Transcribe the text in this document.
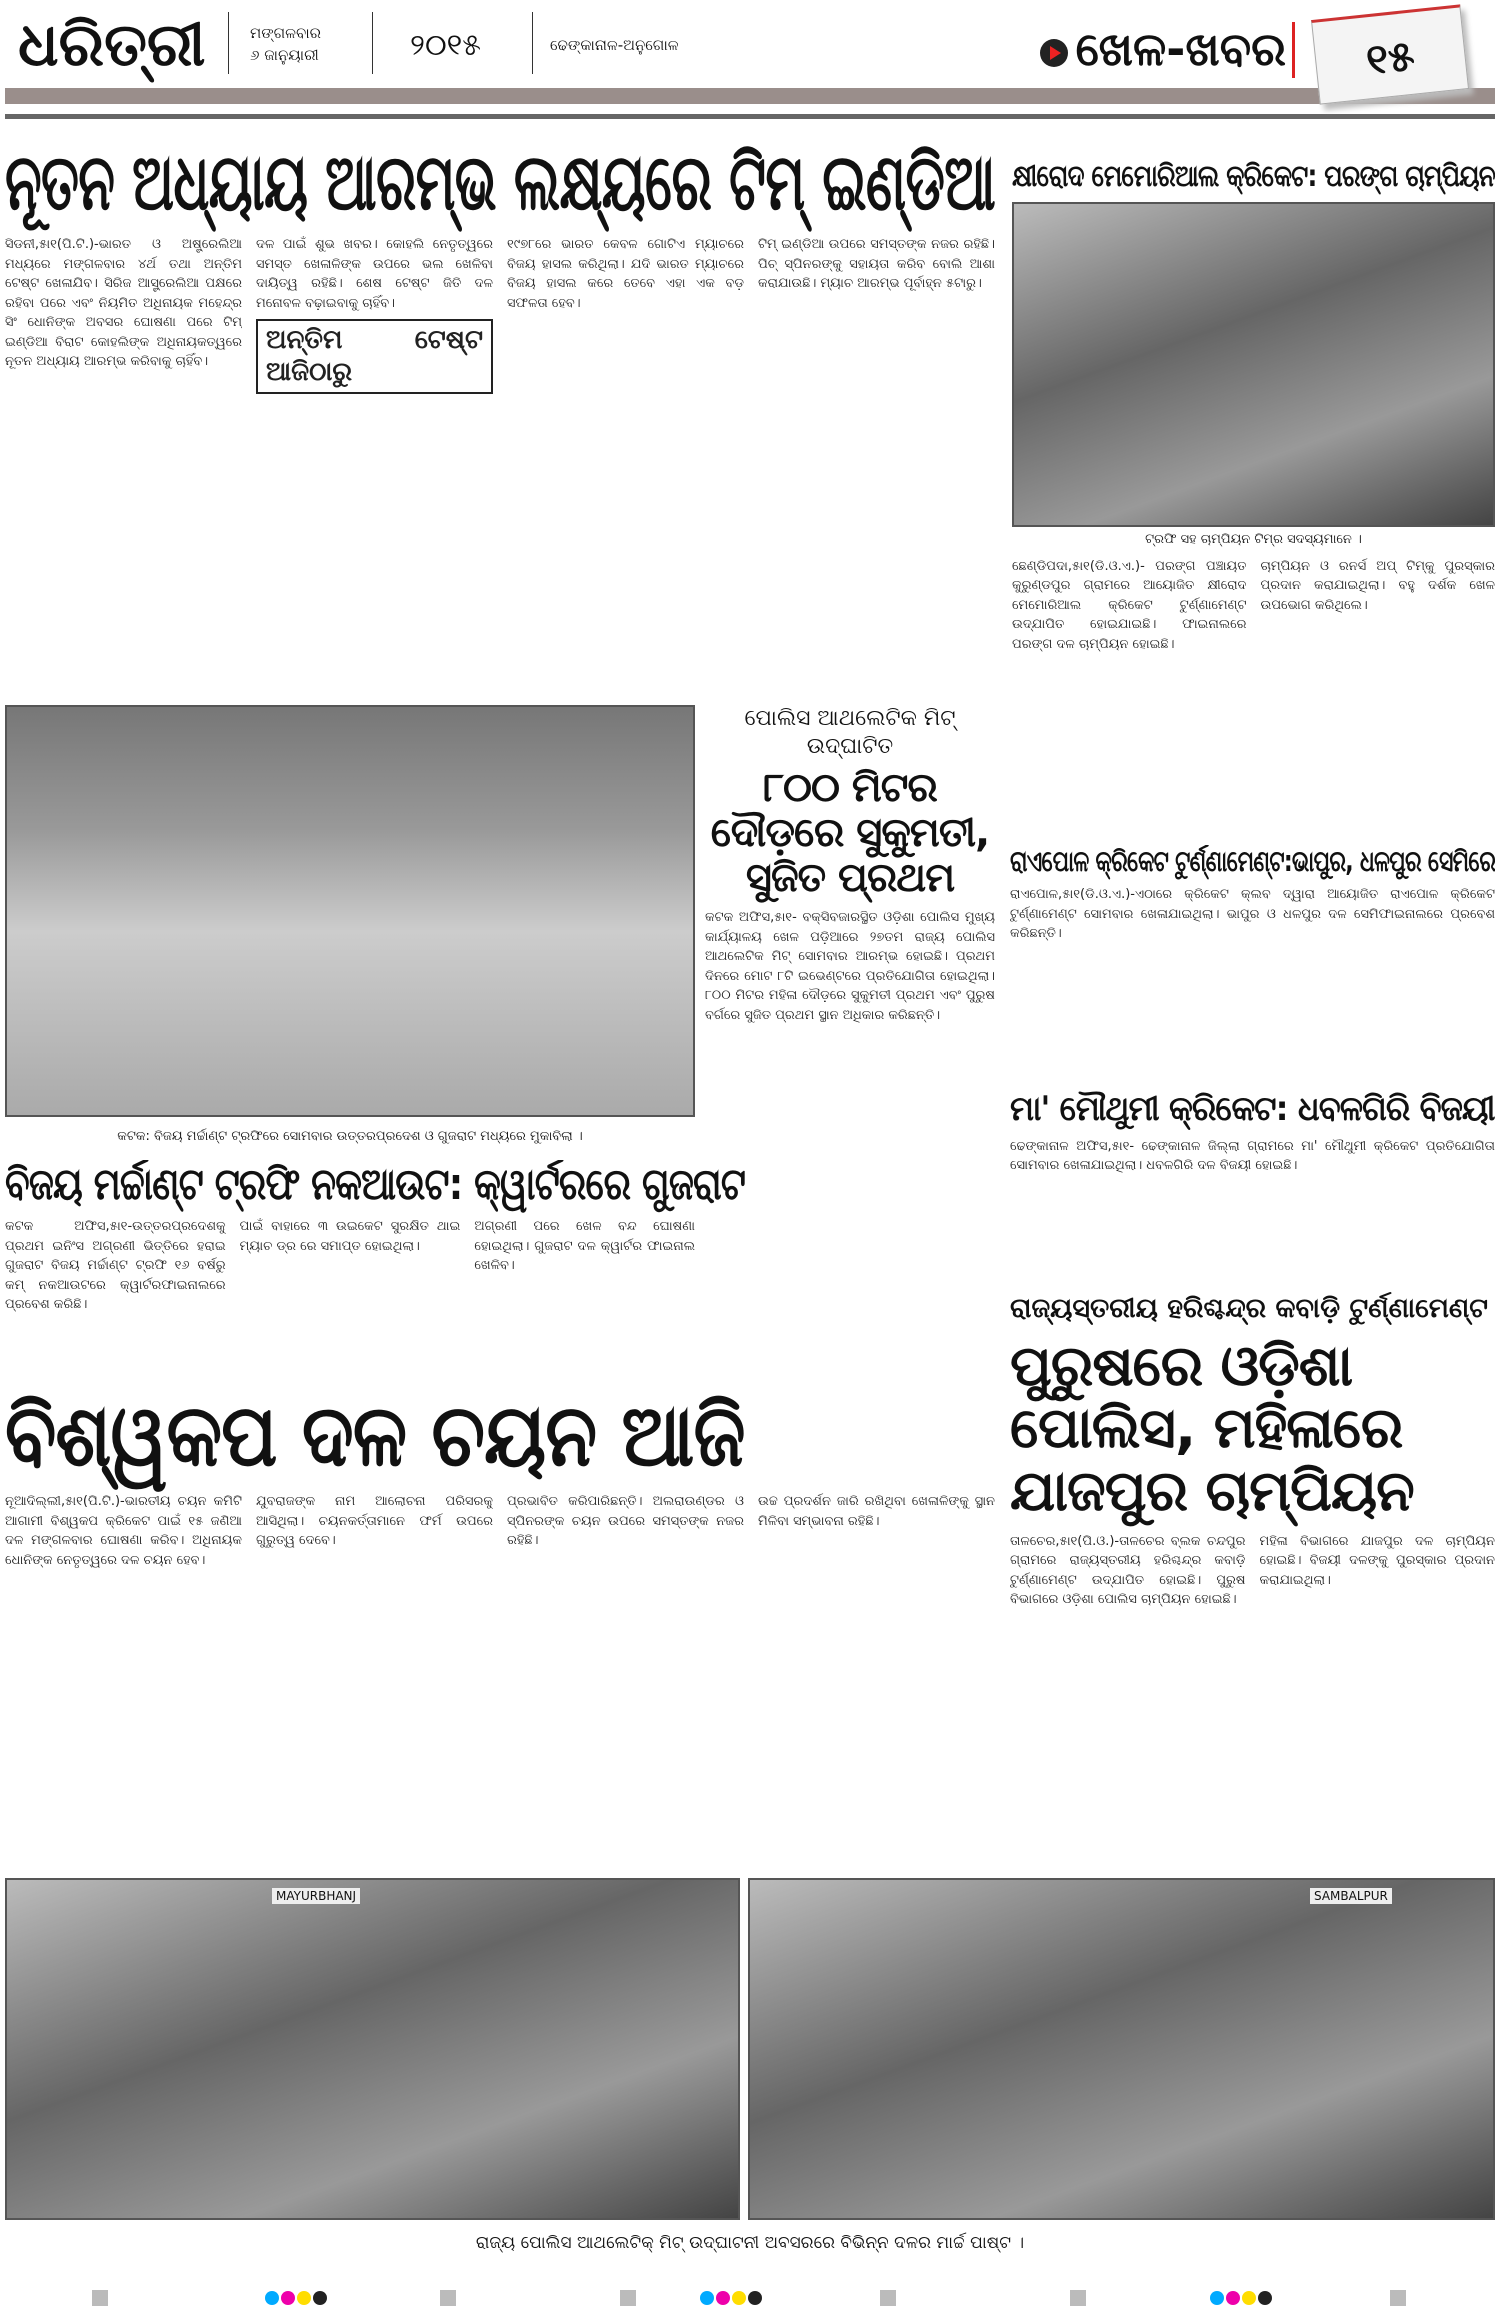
ଧରିତ୍ରୀ	ମଙ୍ଗଳବାର
୬ ଜାନୁୟାରୀ	୨୦୧୫	ଢେଙ୍କାନାଳ-ଅନୁଗୋଳ	ଖେଳ-ଖବର	୧୫
ନୂତନ ଅଧ୍ୟାୟ ଆରମ୍ଭ ଲକ୍ଷ୍ୟରେ ଟିମ୍ ଇଣ୍ଡିଆ

ସିଡନୀ,୫ା୧(ପି.ଟି.)-ଭାରତ ଓ ଅଷ୍ଟ୍ରେଲିଆ ମଧ୍ୟରେ ମଙ୍ଗଳବାର ୪ର୍ଥ ତଥା ଅନ୍ତିମ ଟେଷ୍ଟ ଖେଳାଯିବ। ସିରିଜ ଆସ୍ଟ୍ରେଲିଆ ପକ୍ଷରେ ରହିବା ପରେ ଏବଂ ନିୟମିତ ଅଧିନାୟକ ମହେନ୍ଦ୍ର ସିଂ ଧୋନିଙ୍କ ଅବସର ଘୋଷଣା ପରେ ଟିମ୍ ଇଣ୍ଡିଆ ବିରାଟ କୋହଲିଙ୍କ ଅଧିନାୟକତ୍ୱରେ ନୂତନ ଅଧ୍ୟାୟ ଆରମ୍ଭ କରିବାକୁ ଚାହିଁବ।

ଦଳ ପାଇଁ ଶୁଭ ଖବର। କୋହଲି ନେତୃତ୍ୱରେ ସମସ୍ତ ଖେଳାଳିଙ୍କ ଉପରେ ଭଲ ଖେଳିବା ଦାୟିତ୍ୱ ରହିଛି। ଶେଷ ଟେଷ୍ଟ ଜିତି ଦଳ ମନୋବଳ ବଢ଼ାଇବାକୁ ଚାହିଁବ।

ଅନ୍ତିମ ଟେଷ୍ଟ ଆଜିଠାରୁ

୧୯୭୮ରେ ଭାରତ କେବଳ ଗୋଟିଏ ମ୍ୟାଚରେ ବିଜୟ ହାସଲ କରିଥିଲା। ଯଦି ଭାରତ ମ୍ୟାଚରେ ବିଜୟ ହାସଲ କରେ ତେବେ ଏହା ଏକ ବଡ଼ ସଫଳତା ହେବ।

ଟିମ୍ ଇଣ୍ଡିଆ ଉପରେ ସମସ୍ତଙ୍କ ନଜର ରହିଛି। ପିଚ୍ ସ୍ପିନରଙ୍କୁ ସହାୟତା କରିବ ବୋଲି ଆଶା କରାଯାଉଛି। ମ୍ୟାଚ ଆରମ୍ଭ ପୂର୍ବାହ୍ନ ୫ଟାରୁ।

କ୍ଷୀରୋଦ ମେମୋରିଆଲ କ୍ରିକେଟ: ପରଙ୍ଗ ଚାମ୍ପିୟନ
ଟ୍ରଫି ସହ ଚାମ୍ପିୟନ ଟିମ୍‌ର ସଦସ୍ୟମାନେ ।

ଛେଣ୍ଡିପଦା,୫ା୧(ଡି.ଓ.ଏ.)- ପରଙ୍ଗ ପଞ୍ଚାୟତ କୁରୁଣ୍ଡପୁର ଗ୍ରାମରେ ଆୟୋଜିତ କ୍ଷୀରୋଦ ମେମୋରିଆଲ କ୍ରିକେଟ ଟୁର୍ଣ୍ଣାମେଣ୍ଟ ଉଦ୍‌ଯାପିତ ହୋଇଯାଇଛି। ଫାଇନାଲରେ ପରଙ୍ଗ ଦଳ ଚାମ୍ପିୟନ ହୋଇଛି।

ଚାମ୍ପିୟନ ଓ ରନର୍ସ ଅପ୍ ଟିମ୍‌କୁ ପୁରସ୍କାର ପ୍ରଦାନ କରାଯାଇଥିଲା। ବହୁ ଦର୍ଶକ ଖେଳ ଉପଭୋଗ କରିଥିଲେ।

କଟକ: ବିଜୟ ମର୍ଚ୍ଚାଣ୍ଟ ଟ୍ରଫିରେ ସୋମବାର ଉତ୍ତରପ୍ରଦେଶ ଓ ଗୁଜରାଟ ମଧ୍ୟରେ ମୁକାବିଲା ।
ପୋଲିସ ଆଥଲେଟିକ ମିଟ୍ ଉଦ୍‌ଘାଟିତ
୮୦୦ ମିଟର ଦୌଡ଼ରେ ସୁକୁମତୀ, ସୁଜିତ ପ୍ରଥମ

କଟକ ଅଫିସ,୫ା୧- ବକ୍ସିବଜାରସ୍ଥିତ ଓଡ଼ିଶା ପୋଲିସ ମୁଖ୍ୟ କାର୍ଯ୍ୟାଳୟ ଖେଳ ପଡ଼ିଆରେ ୨୭ତମ ରାଜ୍ୟ ପୋଲିସ ଆଥଲେଟିକ ମିଟ୍ ସୋମବାର ଆରମ୍ଭ ହୋଇଛି। ପ୍ରଥମ ଦିନରେ ମୋଟ ୮ଟି ଇଭେଣ୍ଟରେ ପ୍ରତିଯୋଗିତା ହୋଇଥିଲା। ୮୦୦ ମିଟର ମହିଳା ଦୌଡ଼ରେ ସୁକୁମତୀ ପ୍ରଥମ ଏବଂ ପୁରୁଷ ବର୍ଗରେ ସୁଜିତ ପ୍ରଥମ ସ୍ଥାନ ଅଧିକାର କରିଛନ୍ତି।

ରାଏପୋଳ କ୍ରିକେଟ ଟୁର୍ଣ୍ଣାମେଣ୍ଟ:ଭାପୁର, ଧଳପୁର ସେମିରେ

ରାଏପୋଳ,୫ା୧(ଡି.ଓ.ଏ.)-ଏଠାରେ କ୍ରିକେଟ କ୍ଲବ ଦ୍ୱାରା ଆୟୋଜିତ ରାଏପୋଳ କ୍ରିକେଟ ଟୁର୍ଣ୍ଣାମେଣ୍ଟ ସୋମବାର ଖେଳାଯାଇଥିଲା। ଭାପୁର ଓ ଧଳପୁର ଦଳ ସେମିଫାଇନାଲରେ ପ୍ରବେଶ କରିଛନ୍ତି।

ମା' ମୌଥୁମୀ କ୍ରିକେଟ: ଧବଳଗିରି ବିଜୟୀ

ଢେଙ୍କାନାଳ ଅଫିସ,୫ା୧- ଢେଙ୍କାନାଳ ଜିଲ୍ଲା ଗ୍ରାମରେ ମା' ମୌଥୁମୀ କ୍ରିକେଟ ପ୍ରତିଯୋଗିତା ସୋମବାର ଖେଳାଯାଇଥିଲା। ଧବଳଗିରି ଦଳ ବିଜୟୀ ହୋଇଛି।

ବିଜୟ ମର୍ଚ୍ଚାଣ୍ଟ ଟ୍ରଫି ନକଆଉଟ: କ୍ୱାର୍ଟରରେ ଗୁଜରାଟ

କଟକ ଅଫିସ,୫ା୧-ଉତ୍ତରପ୍ରଦେଶକୁ ପ୍ରଥମ ଇନିଂସ ଅଗ୍ରଣୀ ଭିତ୍ତିରେ ହରାଇ ଗୁଜରାଟ ବିଜୟ ମର୍ଚ୍ଚାଣ୍ଟ ଟ୍ରଫି ୧୬ ବର୍ଷରୁ କମ୍ ନକଆଉଟରେ କ୍ୱାର୍ଟରଫାଇନାଲରେ ପ୍ରବେଶ କରିଛି।

ପାଇଁ ବାହାରେ ୩ ଉଇକେଟ ସୁରକ୍ଷିତ ଥାଇ ମ୍ୟାଚ ଡ୍ର ରେ ସମାପ୍ତ ହୋଇଥିଲା।

ଅଗ୍ରଣୀ ପରେ ଖେଳ ବନ୍ଦ ଘୋଷଣା ହୋଇଥିଲା। ଗୁଜରାଟ ଦଳ କ୍ୱାର୍ଟର ଫାଇନାଲ ଖେଳିବ।

ବିଶ୍ୱକପ ଦଳ ଚୟନ ଆଜି

ନୂଆଦିଲ୍ଲୀ,୫ା୧(ପି.ଟି.)-ଭାରତୀୟ ଚୟନ କମିଟି ଆଗାମୀ ବିଶ୍ୱକପ କ୍ରିକେଟ ପାଇଁ ୧୫ ଜଣିଆ ଦଳ ମଙ୍ଗଳବାର ଘୋଷଣା କରିବ। ଅଧିନାୟକ ଧୋନିଙ୍କ ନେତୃତ୍ୱରେ ଦଳ ଚୟନ ହେବ।

ଯୁବରାଜଙ୍କ ନାମ ଆଲୋଚନା ପରିସରକୁ ଆସିଥିଲା। ଚୟନକର୍ତ୍ତାମାନେ ଫର୍ମ ଉପରେ ଗୁରୁତ୍ୱ ଦେବେ।

ପ୍ରଭାବିତ କରିପାରିଛନ୍ତି। ଅଲରାଉଣ୍ଡର ଓ ସ୍ପିନରଙ୍କ ଚୟନ ଉପରେ ସମସ୍ତଙ୍କ ନଜର ରହିଛି।

ଉଚ୍ଚ ପ୍ରଦର୍ଶନ ଜାରି ରଖିଥିବା ଖେଳାଳିଙ୍କୁ ସ୍ଥାନ ମିଳିବା ସମ୍ଭାବନା ରହିଛି।

ରାଜ୍ୟସ୍ତରୀୟ ହରିଶ୍ଚନ୍ଦ୍ର କବାଡ଼ି ଟୁର୍ଣ୍ଣାମେଣ୍ଟ
ପୁରୁଷରେ ଓଡ଼ିଶା ପୋଲିସ, ମହିଳାରେ ଯାଜପୁର ଚାମ୍ପିୟନ

ତାଳଚେର,୫ା୧(ପି.ଓ.)-ତାଳଚେର ବ୍ଲକ ଚନ୍ଦପୁର ଗ୍ରାମରେ ରାଜ୍ୟସ୍ତରୀୟ ହରିଶ୍ଚନ୍ଦ୍ର କବାଡ଼ି ଟୁର୍ଣ୍ଣାମେଣ୍ଟ ଉଦ୍‌ଯାପିତ ହୋଇଛି। ପୁରୁଷ ବିଭାଗରେ ଓଡ଼ିଶା ପୋଲିସ ଚାମ୍ପିୟନ ହୋଇଛି।

ମହିଳା ବିଭାଗରେ ଯାଜପୁର ଦଳ ଚାମ୍ପିୟନ ହୋଇଛି। ବିଜୟୀ ଦଳଙ୍କୁ ପୁରସ୍କାର ପ୍ରଦାନ କରାଯାଇଥିଲା।

MAYURBHANJ	SAMBALPUR
ରାଜ୍ୟ ପୋଲିସ ଆଥଲେଟିକ୍ ମିଟ୍ ଉଦ୍‌ଘାଟନୀ ଅବସରରେ ବିଭିନ୍ନ ଦଳର ମାର୍ଚ୍ଚ ପାଷ୍ଟ ।
